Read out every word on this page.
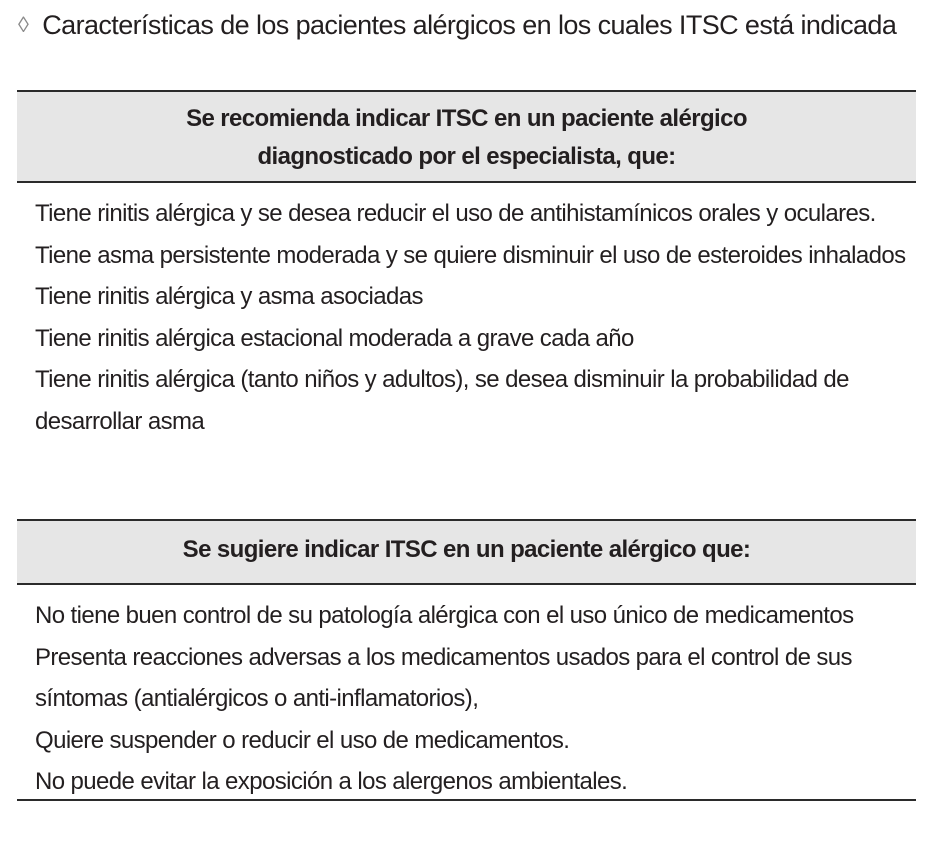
◊ Características de los pacientes alérgicos en los cuales ITSC está indicada
Se recomienda indicar ITSC en un paciente alérgico
diagnosticado por el especialista, que:
Tiene rinitis alérgica y se desea reducir el uso de antihistamínicos orales y oculares.
Tiene asma persistente moderada y se quiere disminuir el uso de esteroides inhalados
Tiene rinitis alérgica y asma asociadas
Tiene rinitis alérgica estacional moderada a grave cada año
Tiene rinitis alérgica (tanto niños y adultos), se desea disminuir la probabilidad de desarrollar asma
Se sugiere indicar ITSC en un paciente alérgico que:
No tiene buen control de su patología alérgica con el uso único de medicamentos
Presenta reacciones adversas a los medicamentos usados para el control de sus síntomas (antialérgicos o anti-inflamatorios),
Quiere suspender o reducir el uso de medicamentos.
No puede evitar la exposición a los alergenos ambientales.
